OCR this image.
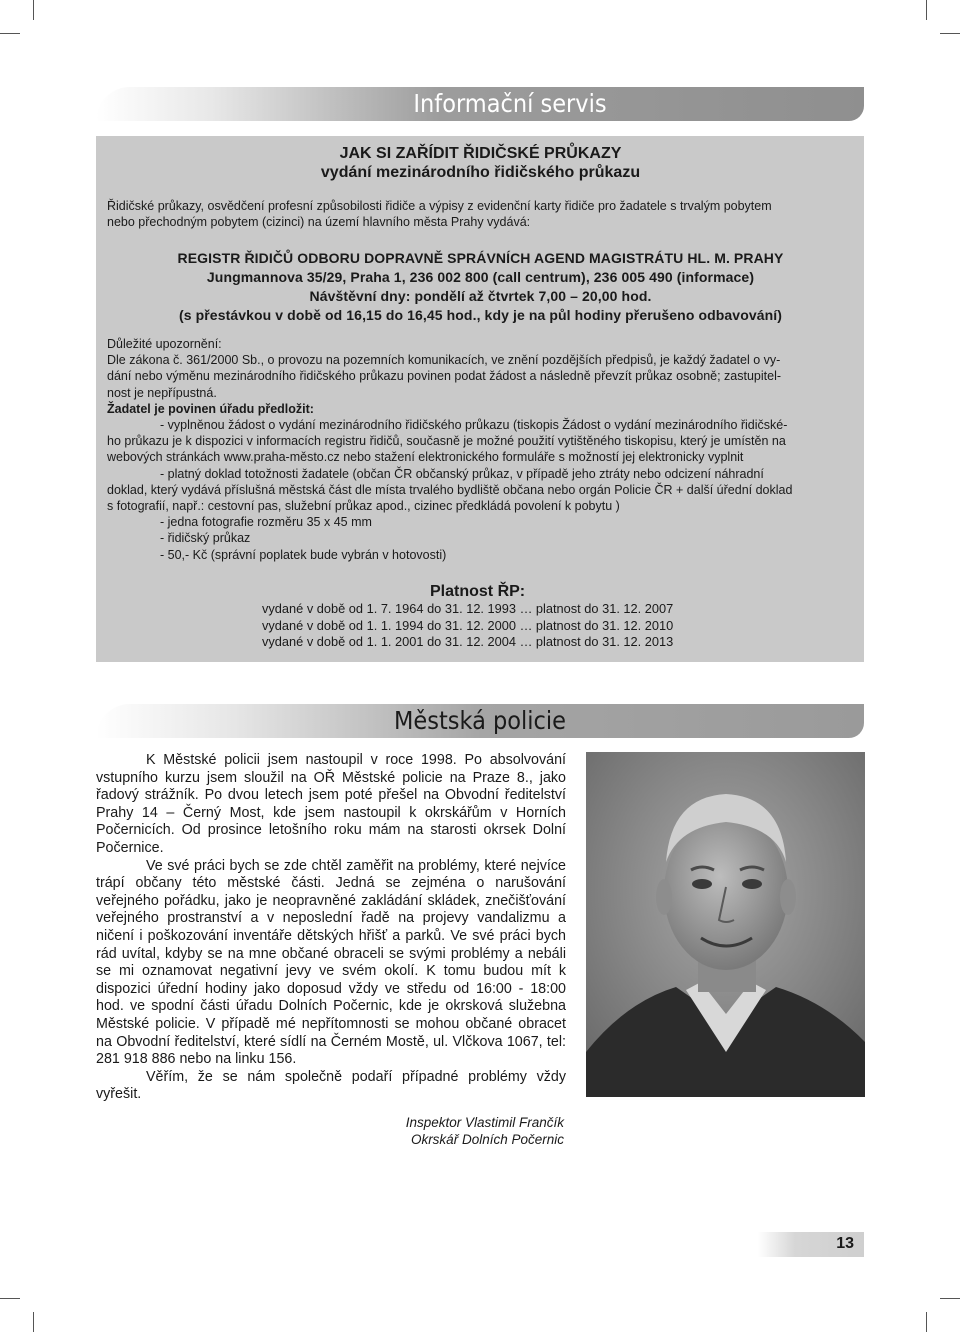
Informační servis
JAK SI ZAŘÍDIT ŘIDIČSKÉ PRŮKAZY
vydání mezinárodního řidičského průkazu
Řidičské průkazy, osvědčení profesní způsobilosti řidiče a výpisy z evidenční karty řidiče pro žadatele s trvalým pobytem
nebo přechodným pobytem (cizinci) na území hlavního města Prahy vydává:
REGISTR ŘIDIČŮ ODBORU DOPRAVNĚ SPRÁVNÍCH AGEND MAGISTRÁTU HL. M. PRAHY
Jungmannova 35/29, Praha 1, 236 002 800 (call centrum), 236 005 490 (informace)
Návštěvní dny: pondělí až čtvrtek 7,00 – 20,00 hod.
(s přestávkou v době od 16,15 do 16,45 hod., kdy je na půl hodiny přerušeno odbavování)
Důležité upozornění:
Dle zákona č. 361/2000 Sb., o provozu na pozemních komunikacích, ve znění pozdějších předpisů, je každý žadatel o vy-
dání nebo výměnu mezinárodního řidičského průkazu povinen podat žádost a následně převzít průkaz osobně; zastupitel-
nost je nepřípustná.
Žadatel je povinen úřadu předložit:
- vyplněnou žádost o vydání mezinárodního řidičského průkazu (tiskopis Žádost o vydání mezinárodního řidičské-
ho průkazu je k dispozici v informacích registru řidičů, současně je možné použití vytištěného tiskopisu, který je umístěn na
webových stránkách www.praha-město.cz nebo stažení elektronického formuláře s možností jej elektronicky vyplnit
- platný doklad totožnosti žadatele (občan ČR občanský průkaz, v případě jeho ztráty nebo odcizení náhradní
doklad, který vydává příslušná městská část dle místa trvalého bydliště občana nebo orgán Policie ČR + další úřední doklad
s fotografií, např.: cestovní pas, služební průkaz apod., cizinec předkládá povolení k pobytu )
- jedna fotografie rozměru 35 x 45 mm
- řidičský průkaz
- 50,- Kč (správní poplatek bude vybrán v hotovosti)
Platnost ŘP:
vydané v době od 1. 7. 1964 do 31. 12. 1993 … platnost do 31. 12. 2007
vydané v době od 1. 1. 1994 do 31. 12. 2000 … platnost do 31. 12. 2010
vydané v době od 1. 1. 2001 do 31. 12. 2004 … platnost do 31. 12. 2013
Městská policie

K Městské policii jsem nastoupil v roce 1998. Po absolvování vstupního kurzu jsem sloužil na OŘ Městské policie na Praze 8., jako řadový strážník. Po dvou letech jsem poté přešel na Obvodní ředitelství Prahy 14 – Černý Most, kde jsem nastoupil k okrskářům v Horních Počernicích. Od prosince letošního roku mám na starosti okrsek Dolní Počernice.

Ve své práci bych se zde chtěl zaměřit na problémy, které nejvíce trápí občany této městské části. Jedná se zejména o narušování veřejného pořádku, jako je neopravněné zakládání skládek, znečišťování veřejného prostranství a v neposlední řadě na projevy vandalizmu a ničení i poškozování inventáře dětských hřišť a parků. Ve své práci bych rád uvítal, kdyby se na mne občané obraceli se svými problémy a nebáli se mi oznamovat negativní jevy ve svém okolí. K tomu budou mít k dispozici úřední hodiny jako doposud vždy ve středu od 16:00 - 18:00 hod. ve spodní části úřadu Dolních Počernic, kde je okrsková služebna Městské policie. V případě mé nepřítomnosti se mohou občané obracet na Obvodní ředitelství, které sídlí na Černém Mostě, ul. Vlčkova 1067, tel: 281 918 886 nebo na linku 156.

Věřím, že se nám společně podaří případné problémy vždy vyřešit.

Inspektor Vlastimil Frančík
Okrskář Dolních Počernic
13
